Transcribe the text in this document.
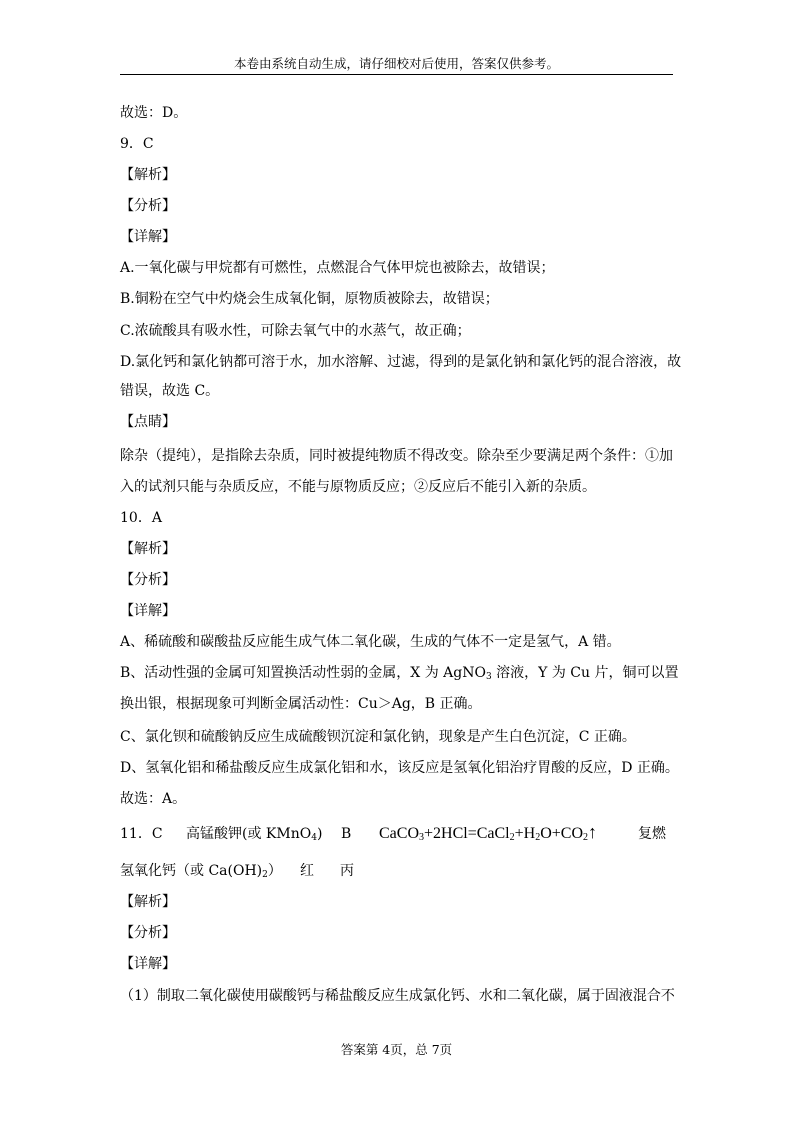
本卷由系统自动生成，请仔细校对后使用，答案仅供参考。
故选：D。
9．C
【解析】
【分析】
【详解】
A.一氧化碳与甲烷都有可燃性，点燃混合气体甲烷也被除去，故错误；
B.铜粉在空气中灼烧会生成氧化铜，原物质被除去，故错误；
C.浓硫酸具有吸水性，可除去氧气中的水蒸气，故正确；
D.氯化钙和氯化钠都可溶于水，加水溶解、过滤，得到的是氯化钠和氯化钙的混合溶液，故
错误，故选 C。
【点睛】
除杂（提纯），是指除去杂质，同时被提纯物质不得改变。除杂至少要满足两个条件：①加
入的试剂只能与杂质反应，不能与原物质反应；②反应后不能引入新的杂质。
10．A
【解析】
【分析】
【详解】
A、稀硫酸和碳酸盐反应能生成气体二氧化碳，生成的气体不一定是氢气，A 错。
B、活动性强的金属可知置换活动性弱的金属，X 为 AgNO$_3$ 溶液，Y 为 Cu 片，铜可以置
换出银，根据现象可判断金属活动性：Cu＞Ag，B 正确。
C、氯化钡和硫酸钠反应生成硫酸钡沉淀和氯化钠，现象是产生白色沉淀，C 正确。
D、氢氧化铝和稀盐酸反应生成氯化铝和水，该反应是氢氧化铝治疗胃酸的反应，D 正确。
故选：A。
11．C 高锰酸钾(或 KMnO$_4$) B $CaCO_3+2HCl=CaCl_2+H_2O+CO_2↑$	复燃
氢氧化钙（或 $Ca(OH)_2$） 红 丙
【解析】
【分析】
【详解】
（1）制取二氧化碳使用碳酸钙与稀盐酸反应生成氯化钙、水和二氧化碳，属于固液混合不
答案第 4页，总 7页
